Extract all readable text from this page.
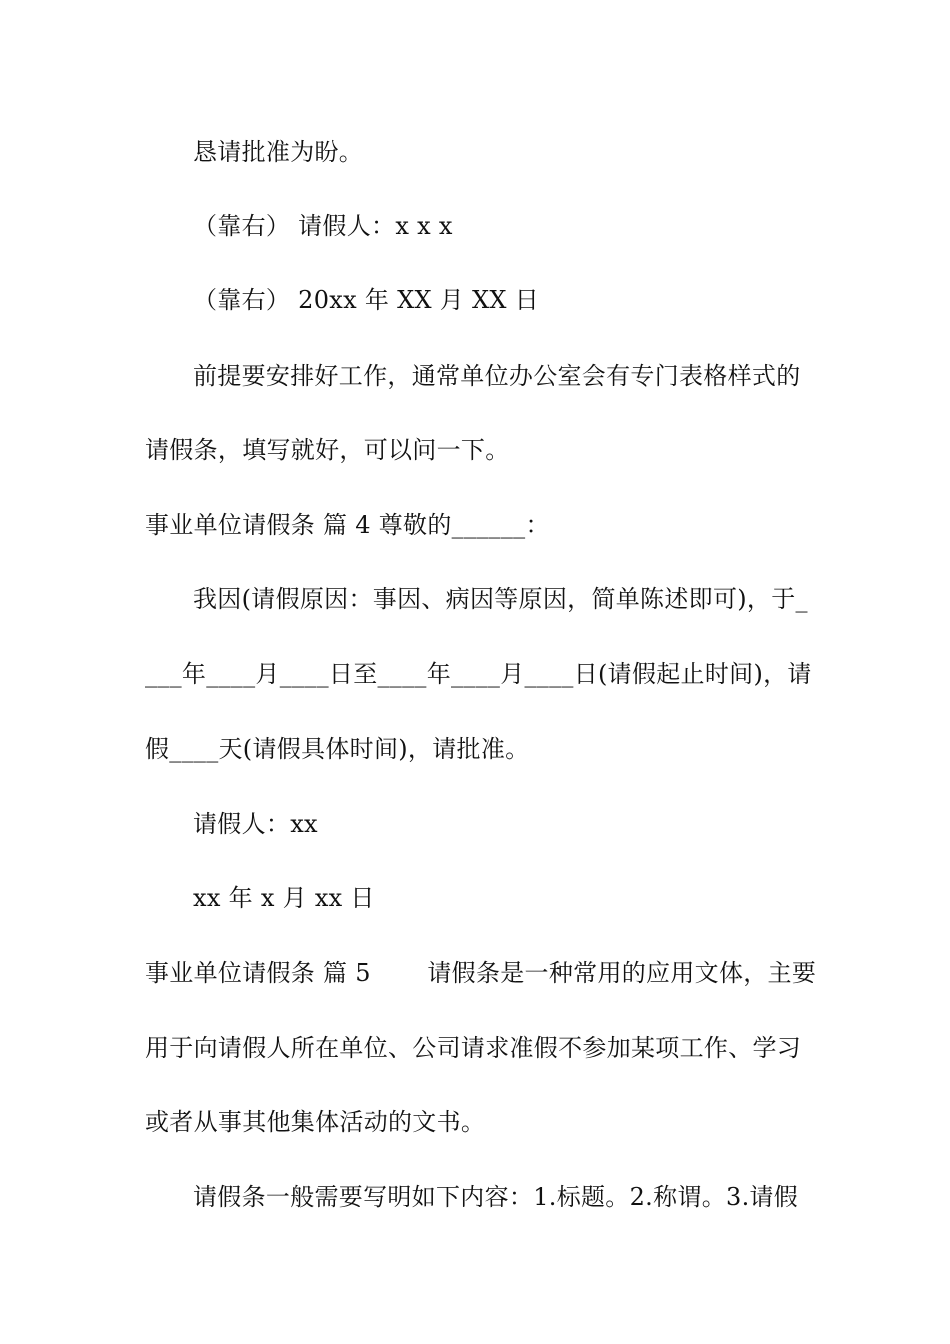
恳请批准为盼。
（靠右） 请假人：x x x
（靠右） 20xx 年 XX 月 XX 日
前提要安排好工作，通常单位办公室会有专门表格样式的
请假条，填写就好，可以问一下。
事业单位请假条 篇 4 尊敬的______：
我因(请假原因：事因、病因等原因，简单陈述即可)，于_
___年____月____日至____年____月____日(请假起止时间)，请
假____天(请假具体时间)，请批准。
请假人：xx
xx 年 x 月 xx 日
事业单位请假条 篇 5　　 请假条是一种常用的应用文体，主要
用于向请假人所在单位、公司请求准假不参加某项工作、学习
或者从事其他集体活动的文书。
请假条一般需要写明如下内容：1.标题。2.称谓。3.请假
